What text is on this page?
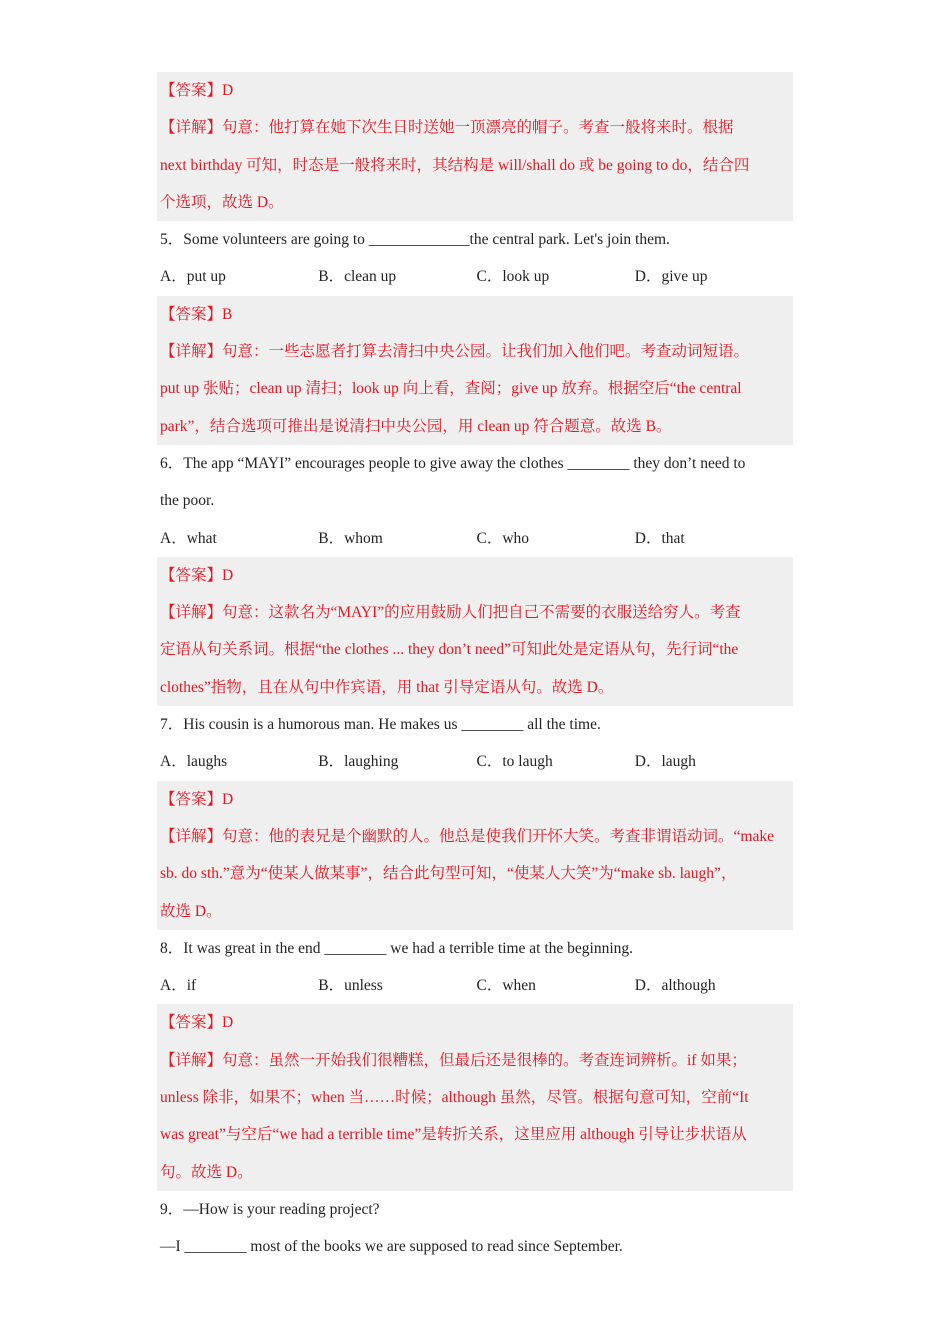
【答案】D
【详解】句意：他打算在她下次生日时送她一顶漂亮的帽子。考查一般将来时。根据
next birthday 可知，时态是一般将来时，其结构是 will/shall do 或 be going to do，结合四
个选项，故选 D。
5．Some volunteers are going to _____________the central park. Let's join them.
A．put up	B．clean up	C．look up	D．give up
【答案】B
【详解】句意：一些志愿者打算去清扫中央公园。让我们加入他们吧。考查动词短语。
put up 张贴；clean up 清扫；look up 向上看，查阅；give up 放弃。根据空后“the central
park”，结合选项可推出是说清扫中央公园，用 clean up 符合题意。故选 B。
6．The app “MAYI” encourages people to give away the clothes ________ they don’t need to
the poor.
A．what	B．whom	C．who	D．that
【答案】D
【详解】句意：这款名为“MAYI”的应用鼓励人们把自己不需要的衣服送给穷人。考查
定语从句关系词。根据“the clothes ... they don’t need”可知此处是定语从句，先行词“the
clothes”指物，且在从句中作宾语，用 that 引导定语从句。故选 D。
7．His cousin is a humorous man. He makes us ________ all the time.
A．laughs	B．laughing	C．to laugh	D．laugh
【答案】D
【详解】句意：他的表兄是个幽默的人。他总是使我们开怀大笑。考查非谓语动词。“make
sb. do sth.”意为“使某人做某事”，结合此句型可知，“使某人大笑”为“make sb. laugh”，
故选 D。
8．It was great in the end ________ we had a terrible time at the beginning.
A．if	B．unless	C．when	D．although
【答案】D
【详解】句意：虽然一开始我们很糟糕，但最后还是很棒的。考查连词辨析。if 如果；
unless 除非，如果不；when 当……时候；although 虽然，尽管。根据句意可知，空前“It
was great”与空后“we had a terrible time”是转折关系，这里应用 although 引导让步状语从
句。故选 D。
9．—How is your reading project?
—I ________ most of the books we are supposed to read since September.
